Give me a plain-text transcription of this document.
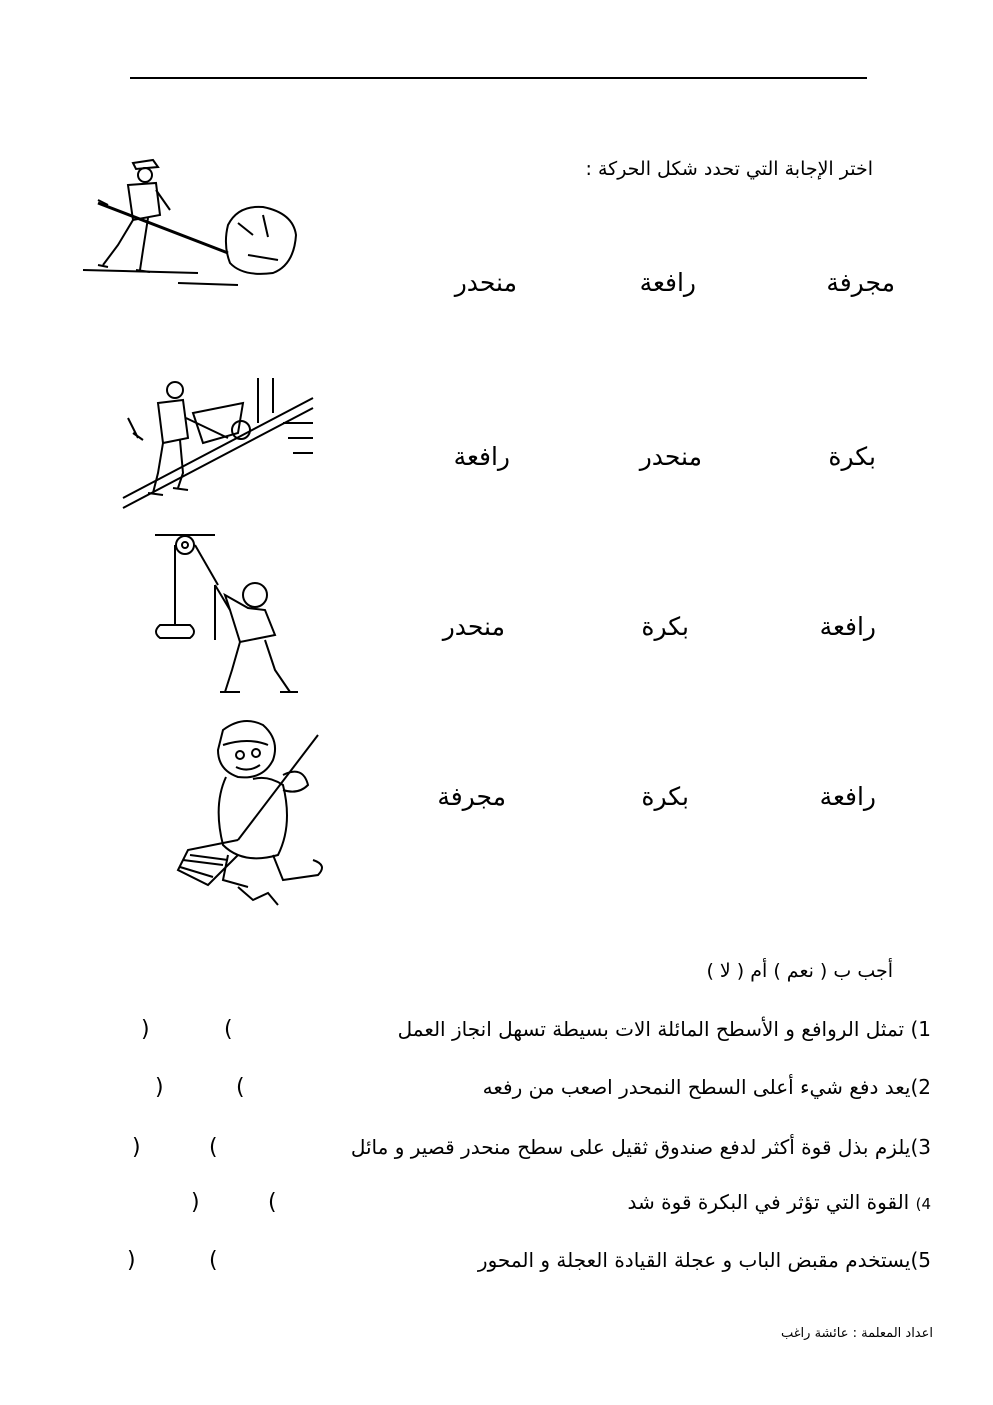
اختر الإجابة التي تحدد شكل الحركة :
مجرفة
رافعة
منحدر
بكرة
منحدر
رافعة
رافعة
بكرة
منحدر
رافعة
بكرة
مجرفة
أجب ب ( نعم ) أم ( لا )
1) تمثل الروافع و الأسطح المائلة الات بسيطة تسهل انجاز العمل
(
)
2)يعد دفع شيء أعلى السطح النمحدر اصعب من رفعه
(
)
3)يلزم بذل قوة أكثر لدفع صندوق ثقيل على سطح منحدر قصير و مائل
(
)
4) القوة التي تؤثر في البكرة قوة شد
(
)
5)يستخدم مقبض الباب و عجلة القيادة العجلة و المحور
(
)
اعداد المعلمة : عائشة راغب
